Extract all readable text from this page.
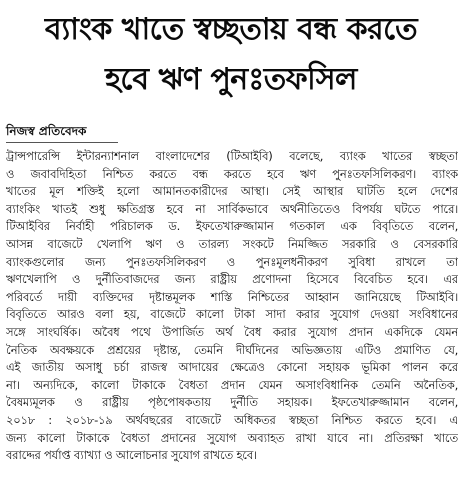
ব্যাংক খাতে স্বচ্ছতায় বন্ধ করতে
হবে ঋণ পুনঃতফসিল
নিজস্ব প্রতিবেদক
ট্রান্সপারেন্সি ইন্টারন্যাশনাল বাংলাদেশের (টিআইবি) বলেছে, ব্যাংক খাতের স্বচ্ছতা
ও জবাবদিহিতা নিশ্চিত করতে বন্ধ করতে হবে ঋণ পুনঃতফসিলিকরণ। ব্যাংক
খাতের মূল শক্তিই হলো আমানতকারীদের আস্থা। সেই আস্থার ঘাটতি হলে দেশের
ব্যাংকিং খাতই শুধু ক্ষতিগ্রস্ত হবে না সার্বিকভাবে অর্থনীতিতেও বিপর্যয় ঘটতে পারে।
টিআইবির নির্বাহী পরিচালক ড. ইফতেখারুজ্জামান গতকাল এক বিবৃতিতে বলেন,
আসন্ন বাজেটে খেলাপি ঋণ ও তারল্য সংকটে নিমজ্জিত সরকারি ও বেসরকারি
ব্যাংকগুলোর জন্য পুনঃতফসিলিকরণ ও পুনঃমূলধনীকরণ সুবিধা রাখলে তা
ঋণখেলাপি ও দুর্নীতিবাজদের জন্য রাষ্ট্রীয় প্রণোদনা হিসেবে বিবেচিত হবে। এর
পরিবর্তে দায়ী ব্যক্তিদের দৃষ্টান্তমূলক শাস্তি নিশ্চিতের আহ্বান জানিয়েছে টিআইবি।
বিবৃতিতে আরও বলা হয়, বাজেটে কালো টাকা সাদা করার সুযোগ দেওয়া সংবিধানের
সঙ্গে সাংঘর্ষিক। অবৈধ পথে উপার্জিত অর্থ বৈধ করার সুযোগ প্রদান একদিকে যেমন
নৈতিক অবক্ষয়কে প্রশ্রয়ের দৃষ্টান্ত, তেমনি দীর্ঘদিনের অভিজ্ঞতায় এটিও প্রমাণিত যে,
এই জাতীয় অসাধু চর্চা রাজস্ব আদায়ের ক্ষেত্রেও কোনো সহায়ক ভূমিকা পালন করে
না। অন্যদিকে, কালো টাকাকে বৈধতা প্রদান যেমন অসাংবিধানিক তেমনি অনৈতিক,
বৈষম্যমূলক ও রাষ্ট্রীয় পৃষ্ঠপোষকতায় দুর্নীতি সহায়ক। ইফতেখারুজ্জামান বলেন,
২০১৮ : ২০১৮-১৯ অর্থবছরের বাজেটে অধিকতর স্বচ্ছতা নিশ্চিত করতে হবে। এ
জন্য কালো টাকাকে বৈধতা প্রদানের সুযোগ অব্যাহত রাখা যাবে না। প্রতিরক্ষা খাতে
বরাদ্দের পর্যাপ্ত ব্যাখ্যা ও আলোচনার সুযোগ রাখতে হবে।
